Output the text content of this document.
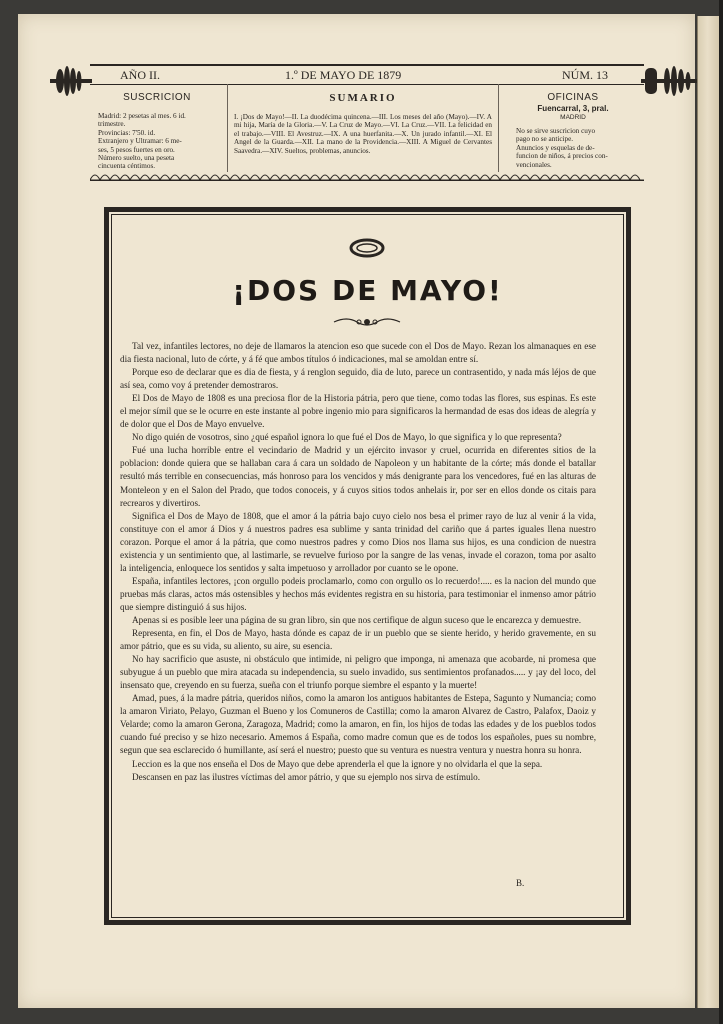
AÑO II.	1.º DE MAYO DE 1879	NÚM. 13
SUSCRICION
Madrid: 2 pesetas al mes. 6 id.
trimestre.
Provincias: 7'50. id.
Extranjero y Ultramar: 6 me-
ses, 5 pesos fuertes en oro.
Número suelto, una peseta
cincuenta céntimos.
SUMARIO
I. ¡Dos de Mayo!—II. La duodécima quincena.—III. Los meses del año (Mayo).—IV. A mi hija, María de la Gloria.—V. La Cruz de Mayo.—VI. La Cruz.—VII. La felicidad en el trabajo.—VIII. El Avestruz.—IX. A una huerfanita.—X. Un jurado infantil.—XI. El Angel de la Guarda.—XII. La mano de la Providencia.—XIII. A Miguel de Cervantes Saavedra.—XIV. Sueltos, problemas, anuncios.
OFICINAS
Fuencarral, 3, pral.
MADRID
No se sirve suscricion cuyo
pago no se anticipe.
Anuncios y esquelas de de-
funcion de niños, á precios con-
vencionales.
¡DOS DE MAYO!

Tal vez, infantiles lectores, no deje de llamaros la atencion eso que sucede con el Dos de Mayo. Rezan los almanaques en ese dia fiesta nacional, luto de córte, y á fé que ambos títulos ó indicaciones, mal se amoldan entre sí.

Porque eso de declarar que es dia de fiesta, y á renglon seguido, dia de luto, parece un contrasentido, y nada más léjos de que así sea, como voy á pretender demostraros.

El Dos de Mayo de 1808 es una preciosa flor de la Historia pátria, pero que tiene, como todas las flores, sus espinas. Es este el mejor símil que se le ocurre en este instante al pobre ingenio mio para significaros la hermandad de esas dos ideas de alegría y de dolor que el Dos de Mayo envuelve.

No digo quién de vosotros, sino ¿qué español ignora lo que fué el Dos de Mayo, lo que significa y lo que representa?

Fué una lucha horrible entre el vecindario de Madrid y un ejército invasor y cruel, ocurrida en diferentes sitios de la poblacion: donde quiera que se hallaban cara á cara un soldado de Napoleon y un habitante de la córte; más donde el batallar resultó más terrible en consecuencias, más honroso para los vencidos y más denigrante para los vencedores, fué en las alturas de Monteleon y en el Salon del Prado, que todos conoceis, y á cuyos sitios todos anhelais ir, por ser en ellos donde os citais para recrearos y divertiros.

Significa el Dos de Mayo de 1808, que el amor á la pátria bajo cuyo cielo nos besa el primer rayo de luz al venir á la vida, constituye con el amor á Dios y á nuestros padres esa sublime y santa trinidad del cariño que á partes iguales llena nuestro corazon. Porque el amor á la pátria, que como nuestros padres y como Dios nos llama sus hijos, es una condicion de nuestra existencia y un sentimiento que, al lastimarle, se revuelve furioso por la sangre de las venas, invade el corazon, toma por asalto la inteligencia, enloquece los sentidos y salta impetuoso y arrollador por cuanto se le opone.

España, infantiles lectores, ¡con orgullo podeis proclamarlo, como con orgullo os lo recuerdo!..... es la nacion del mundo que pruebas más claras, actos más ostensibles y hechos más evidentes registra en su historia, para testimoniar el inmenso amor pátrio que siempre distinguió á sus hijos.

Apenas si es posible leer una página de su gran libro, sin que nos certifique de algun suceso que le encarezca y demuestre.

Representa, en fin, el Dos de Mayo, hasta dónde es capaz de ir un pueblo que se siente herido, y herido gravemente, en su amor pátrio, que es su vida, su aliento, su aire, su esencia.

No hay sacrificio que asuste, ni obstáculo que intimide, ni peligro que imponga, ni amenaza que acobarde, ni promesa que subyugue á un pueblo que mira atacada su independencia, su suelo invadido, sus sentimientos profanados..... y ¡ay del loco, del insensato que, creyendo en su fuerza, sueña con el triunfo porque siembre el espanto y la muerte!

Amad, pues, á la madre pátria, queridos niños, como la amaron los antiguos habitantes de Estepa, Sagunto y Numancia; como la amaron Viriato, Pelayo, Guzman el Bueno y los Comuneros de Castilla; como la amaron Alvarez de Castro, Palafox, Daoiz y Velarde; como la amaron Gerona, Zaragoza, Madrid; como la amaron, en fin, los hijos de todas las edades y de los pueblos todos cuando fué preciso y se hizo necesario. Amemos á España, como madre comun que es de todos los españoles, pues su nombre, segun que sea esclarecido ó humillante, así será el nuestro; puesto que su ventura es nuestra ventura y nuestra honra su honra.

Leccion es la que nos enseña el Dos de Mayo que debe aprenderla el que la ignore y no olvidarla el que la sepa.

Descansen en paz las ilustres víctimas del amor pátrio, y que su ejemplo nos sirva de estímulo.

B.
